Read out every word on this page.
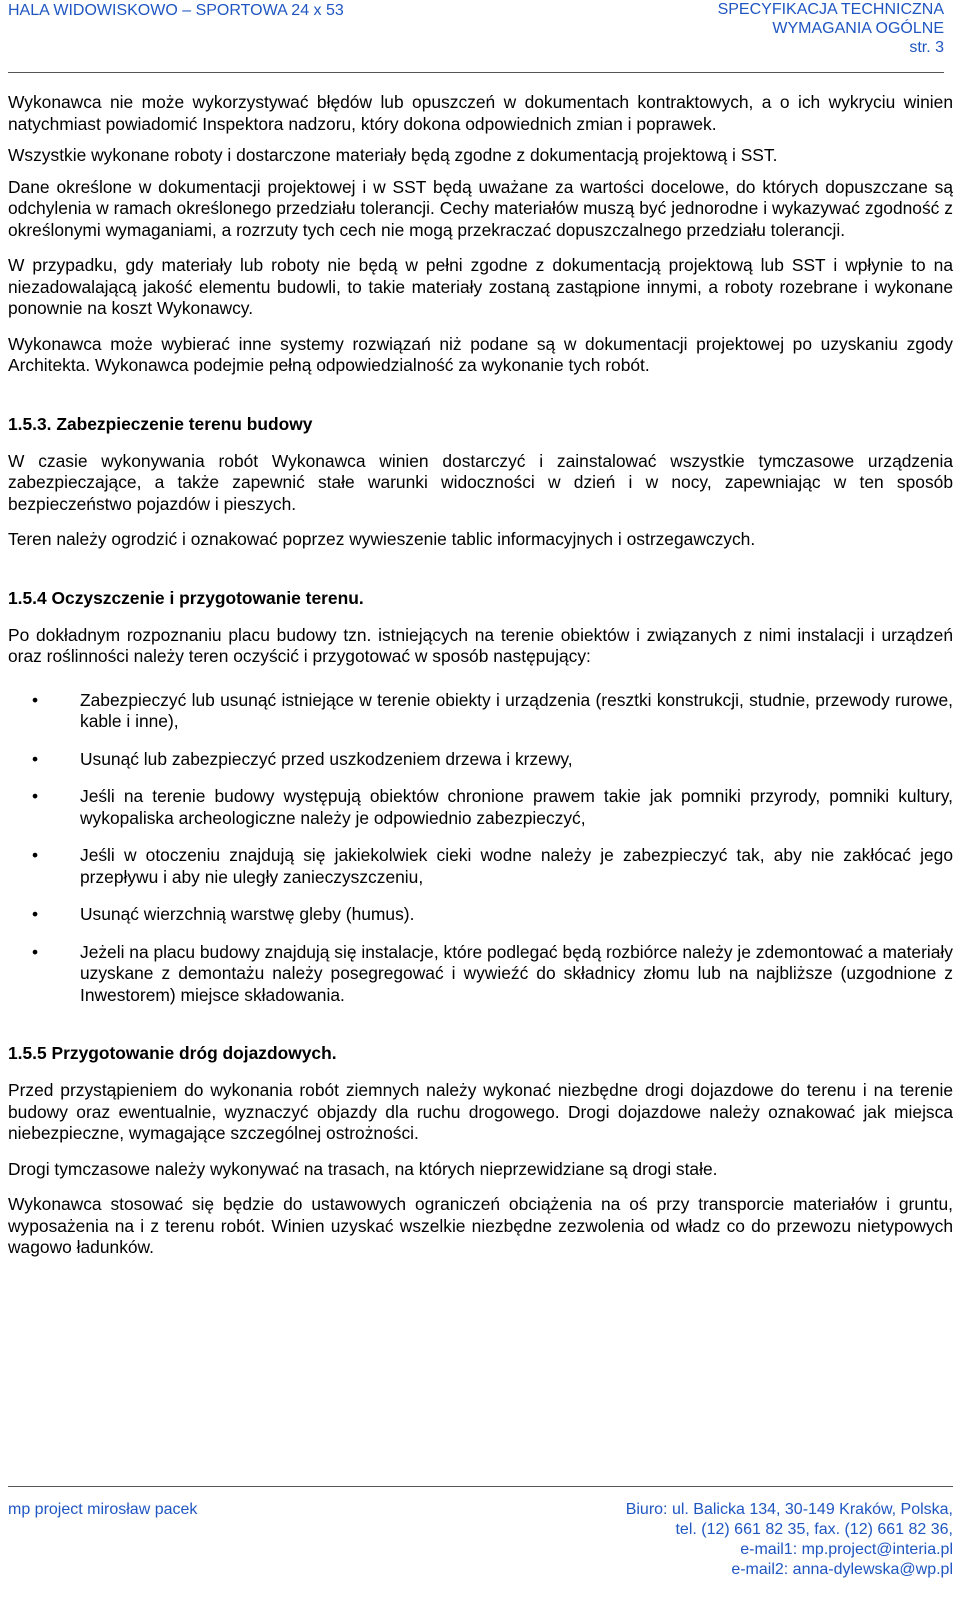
HALA WIDOWISKOWO – SPORTOWA 24 x 53	SPECYFIKACJA TECHNICZNA
WYMAGANIA OGÓLNE
str. 3

Wykonawca nie może wykorzystywać błędów lub opuszczeń w dokumentach kontraktowych, a o ich wykryciu winien natychmiast powiadomić Inspektora nadzoru, który dokona odpowiednich zmian i poprawek.

Wszystkie wykonane roboty i dostarczone materiały będą zgodne z dokumentacją projektową i SST.

Dane określone w dokumentacji projektowej i w SST będą uważane za wartości docelowe, do których dopuszczane są odchylenia w ramach określonego przedziału tolerancji. Cechy materiałów muszą być jednorodne i wykazywać zgodność z określonymi wymaganiami, a rozrzuty tych cech nie mogą przekraczać dopuszczalnego przedziału tolerancji.

W przypadku, gdy materiały lub roboty nie będą w pełni zgodne z dokumentacją projektową lub SST i wpłynie to na niezadowalającą jakość elementu budowli, to takie materiały zostaną zastąpione innymi, a roboty rozebrane i wykonane ponownie na koszt Wykonawcy.

Wykonawca może wybierać inne systemy rozwiązań niż podane są w dokumentacji projektowej po uzyskaniu zgody Architekta. Wykonawca podejmie pełną odpowiedzialność za wykonanie tych robót.

1.5.3. Zabezpieczenie terenu budowy

W czasie wykonywania robót Wykonawca winien dostarczyć i zainstalować wszystkie tymczasowe urządzenia zabezpieczające, a także zapewnić stałe warunki widoczności w dzień i w nocy, zapewniając w ten sposób bezpieczeństwo pojazdów i pieszych.

Teren należy ogrodzić i oznakować poprzez wywieszenie tablic informacyjnych i ostrzegawczych.

1.5.4 Oczyszczenie i przygotowanie terenu.

Po dokładnym rozpoznaniu placu budowy tzn. istniejących na terenie obiektów i związanych z nimi instalacji i urządzeń oraz roślinności należy teren oczyścić i przygotować w sposób następujący:

• Zabezpieczyć lub usunąć istniejące w terenie obiekty i urządzenia (resztki konstrukcji, studnie, przewody rurowe, kable i inne),
• Usunąć lub zabezpieczyć przed uszkodzeniem drzewa i krzewy,
• Jeśli na terenie budowy występują obiektów chronione prawem takie jak pomniki przyrody, pomniki kultury, wykopaliska archeologiczne należy je odpowiednio zabezpieczyć,
• Jeśli w otoczeniu znajdują się jakiekolwiek cieki wodne należy je zabezpieczyć tak, aby nie zakłócać jego przepływu i aby nie uległy zanieczyszczeniu,
• Usunąć wierzchnią warstwę gleby (humus).
• Jeżeli na placu budowy znajdują się instalacje, które podlegać będą rozbiórce należy je zdemontować a materiały uzyskane z demontażu należy posegregować i wywieźć do składnicy złomu lub na najbliższe (uzgodnione z Inwestorem) miejsce składowania.
1.5.5 Przygotowanie dróg dojazdowych.

Przed przystąpieniem do wykonania robót ziemnych należy wykonać niezbędne drogi dojazdowe do terenu i na terenie budowy oraz ewentualnie, wyznaczyć objazdy dla ruchu drogowego. Drogi dojazdowe należy oznakować jak miejsca niebezpieczne, wymagające szczególnej ostrożności.

Drogi tymczasowe należy wykonywać na trasach, na których nieprzewidziane są drogi stałe.

Wykonawca stosować się będzie do ustawowych ograniczeń obciążenia na oś przy transporcie materiałów i gruntu, wyposażenia na i z terenu robót. Winien uzyskać wszelkie niezbędne zezwolenia od władz co do przewozu nietypowych wagowo ładunków.

mp project mirosław pacek	Biuro: ul. Balicka 134, 30-149 Kraków, Polska,
tel. (12) 661 82 35, fax. (12) 661 82 36,
e-mail1: mp.project@interia.pl
e-mail2: anna-dylewska@wp.pl
